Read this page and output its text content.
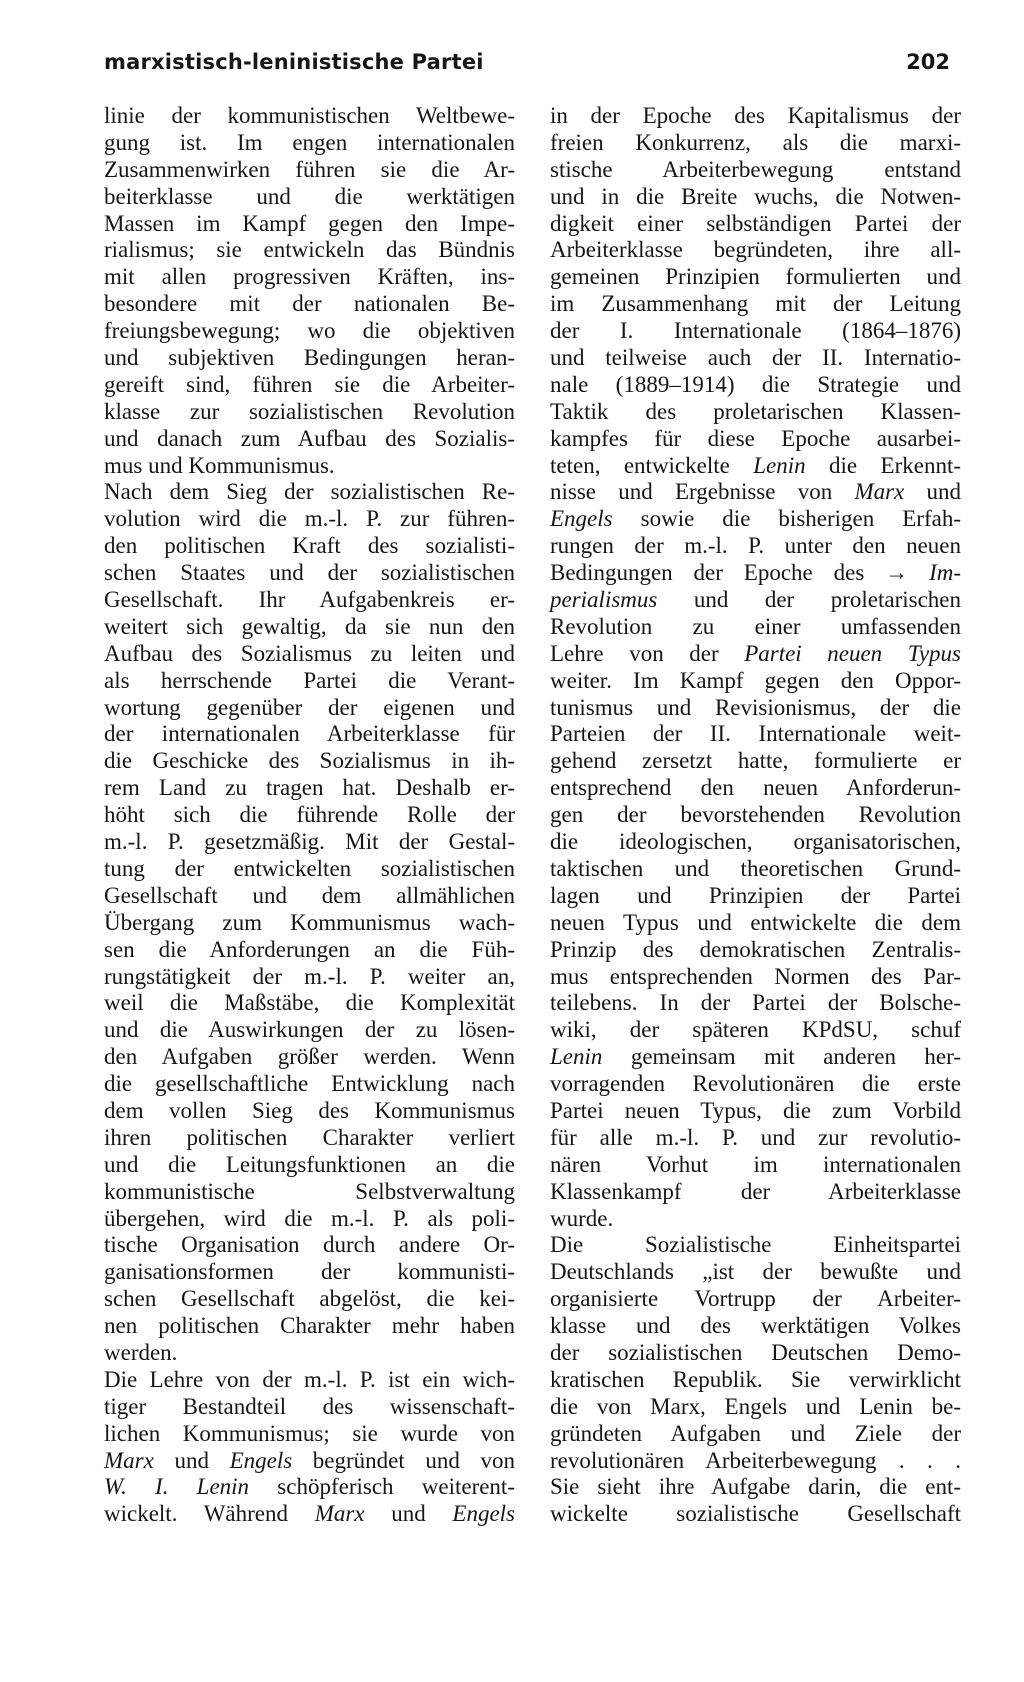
marxistisch-leninistische Partei	202
linie der kommunistischen Weltbewe-
gung ist. Im engen internationalen
Zusammenwirken führen sie die Ar-
beiterklasse und die werktätigen
Massen im Kampf gegen den Impe-
rialismus; sie entwickeln das Bündnis
mit allen progressiven Kräften, ins-
besondere mit der nationalen Be-
freiungsbewegung; wo die objektiven
und subjektiven Bedingungen heran-
gereift sind, führen sie die Arbeiter-
klasse zur sozialistischen Revolution
und danach zum Aufbau des Sozialis-
mus und Kommunismus.
Nach dem Sieg der sozialistischen Re-
volution wird die m.-l. P. zur führen-
den politischen Kraft des sozialisti-
schen Staates und der sozialistischen
Gesellschaft. Ihr Aufgabenkreis er-
weitert sich gewaltig, da sie nun den
Aufbau des Sozialismus zu leiten und
als herrschende Partei die Verant-
wortung gegenüber der eigenen und
der internationalen Arbeiterklasse für
die Geschicke des Sozialismus in ih-
rem Land zu tragen hat. Deshalb er-
höht sich die führende Rolle der
m.-l. P. gesetzmäßig. Mit der Gestal-
tung der entwickelten sozialistischen
Gesellschaft und dem allmählichen
Übergang zum Kommunismus wach-
sen die Anforderungen an die Füh-
rungstätigkeit der m.-l. P. weiter an,
weil die Maßstäbe, die Komplexität
und die Auswirkungen der zu lösen-
den Aufgaben größer werden. Wenn
die gesellschaftliche Entwicklung nach
dem vollen Sieg des Kommunismus
ihren politischen Charakter verliert
und die Leitungsfunktionen an die
kommunistische Selbstverwaltung
übergehen, wird die m.-l. P. als poli-
tische Organisation durch andere Or-
ganisationsformen der kommunisti-
schen Gesellschaft abgelöst, die kei-
nen politischen Charakter mehr haben
werden.
Die Lehre von der m.-l. P. ist ein wich-
tiger Bestandteil des wissenschaft-
lichen Kommunismus; sie wurde von
Marx und Engels begründet und von
W. I. Lenin schöpferisch weiterent-
wickelt. Während Marx und Engels
in der Epoche des Kapitalismus der
freien Konkurrenz, als die marxi-
stische Arbeiterbewegung entstand
und in die Breite wuchs, die Notwen-
digkeit einer selbständigen Partei der
Arbeiterklasse begründeten, ihre all-
gemeinen Prinzipien formulierten und
im Zusammenhang mit der Leitung
der I. Internationale (1864–1876)
und teilweise auch der II. Internatio-
nale (1889–1914) die Strategie und
Taktik des proletarischen Klassen-
kampfes für diese Epoche ausarbei-
teten, entwickelte Lenin die Erkennt-
nisse und Ergebnisse von Marx und
Engels sowie die bisherigen Erfah-
rungen der m.-l. P. unter den neuen
Bedingungen der Epoche des → Im-
perialismus und der proletarischen
Revolution zu einer umfassenden
Lehre von der Partei neuen Typus
weiter. Im Kampf gegen den Oppor-
tunismus und Revisionismus, der die
Parteien der II. Internationale weit-
gehend zersetzt hatte, formulierte er
entsprechend den neuen Anforderun-
gen der bevorstehenden Revolution
die ideologischen, organisatorischen,
taktischen und theoretischen Grund-
lagen und Prinzipien der Partei
neuen Typus und entwickelte die dem
Prinzip des demokratischen Zentralis-
mus entsprechenden Normen des Par-
teilebens. In der Partei der Bolsche-
wiki, der späteren KPdSU, schuf
Lenin gemeinsam mit anderen her-
vorragenden Revolutionären die erste
Partei neuen Typus, die zum Vorbild
für alle m.-l. P. und zur revolutio-
nären Vorhut im internationalen
Klassenkampf der Arbeiterklasse
wurde.
Die Sozialistische Einheitspartei
Deutschlands „ist der bewußte und
organisierte Vortrupp der Arbeiter-
klasse und des werktätigen Volkes
der sozialistischen Deutschen Demo-
kratischen Republik. Sie verwirklicht
die von Marx, Engels und Lenin be-
gründeten Aufgaben und Ziele der
revolutionären Arbeiterbewegung . . .
Sie sieht ihre Aufgabe darin, die ent-
wickelte sozialistische Gesellschaft
